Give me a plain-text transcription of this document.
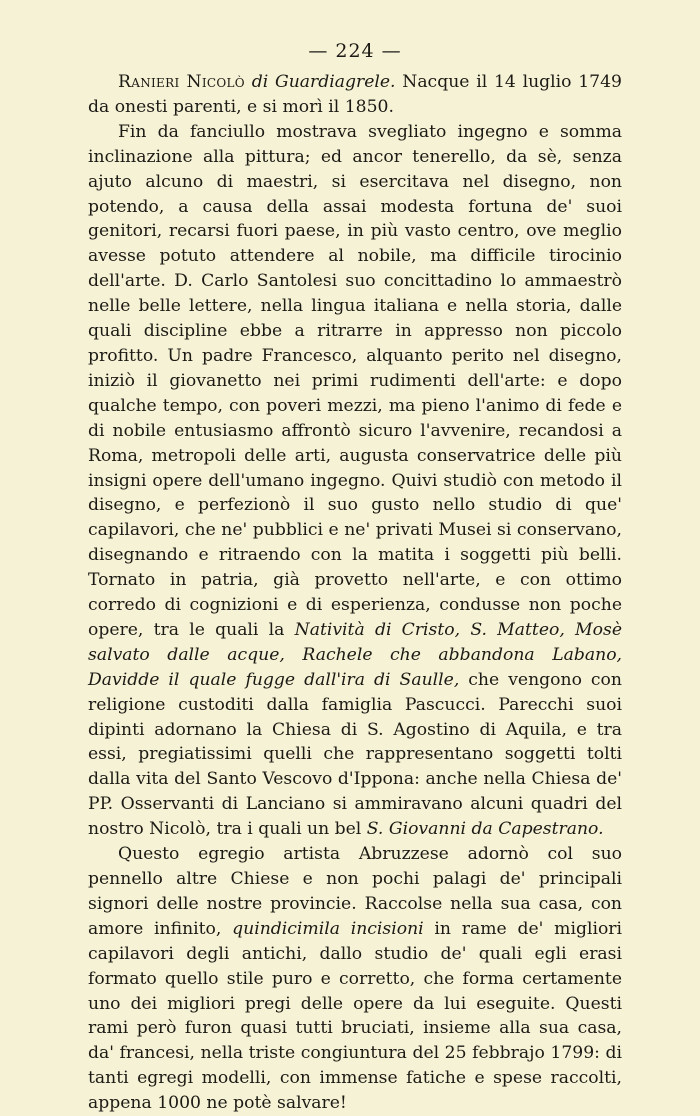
— 224 —

Ranieri Nicolò di Guardiagrele. Nacque il 14 luglio 1749 da onesti parenti, e si morì il 1850.

Fin da fanciullo mostrava svegliato ingegno e somma inclinazione alla pittura; ed ancor tenerello, da sè, senza ajuto alcuno di maestri, si esercitava nel disegno, non potendo, a causa della assai modesta fortuna de' suoi genitori, recarsi fuori paese, in più vasto centro, ove meglio avesse potuto attendere al nobile, ma difficile tirocinio dell'arte. D. Carlo Santolesi suo concittadino lo ammaestrò nelle belle lettere, nella lingua italiana e nella storia, dalle quali discipline ebbe a ritrarre in appresso non piccolo profitto. Un padre Francesco, alquanto perito nel disegno, iniziò il giovanetto nei primi rudimenti dell'arte: e dopo qualche tempo, con poveri mezzi, ma pieno l'animo di fede e di nobile entusiasmo affrontò sicuro l'avvenire, recandosi a Roma, metropoli delle arti, augusta conservatrice delle più insigni opere dell'umano ingegno. Quivi studiò con metodo il disegno, e perfezionò il suo gusto nello studio di que' capilavori, che ne' pubblici e ne' privati Musei si conservano, disegnando e ritraendo con la matita i soggetti più belli. Tornato in patria, già provetto nell'arte, e con ottimo corredo di cognizioni e di esperienza, condusse non poche opere, tra le quali la Natività di Cristo, S. Matteo, Mosè salvato dalle acque, Rachele che abbandona Labano, Davidde il quale fugge dall'ira di Saulle, che vengono con religione custoditi dalla famiglia Pascucci. Parecchi suoi dipinti adornano la Chiesa di S. Agostino di Aquila, e tra essi, pregiatissimi quelli che rappresentano soggetti tolti dalla vita del Santo Vescovo d'Ippona: anche nella Chiesa de' PP. Osservanti di Lanciano si ammiravano alcuni quadri del nostro Nicolò, tra i quali un bel S. Giovanni da Capestrano.

Questo egregio artista Abruzzese adornò col suo pennello altre Chiese e non pochi palagi de' principali signori delle nostre provincie. Raccolse nella sua casa, con amore infinito, quindicimila incisioni in rame de' migliori capilavori degli antichi, dallo studio de' quali egli erasi formato quello stile puro e corretto, che forma certamente uno dei migliori pregi delle opere da lui eseguite. Questi rami però furon quasi tutti bruciati, insieme alla sua casa, da' francesi, nella triste congiuntura del 25 febbrajo 1799: di tanti egregi modelli, con immense fatiche e spese raccolti, appena 1000 ne potè salvare!
